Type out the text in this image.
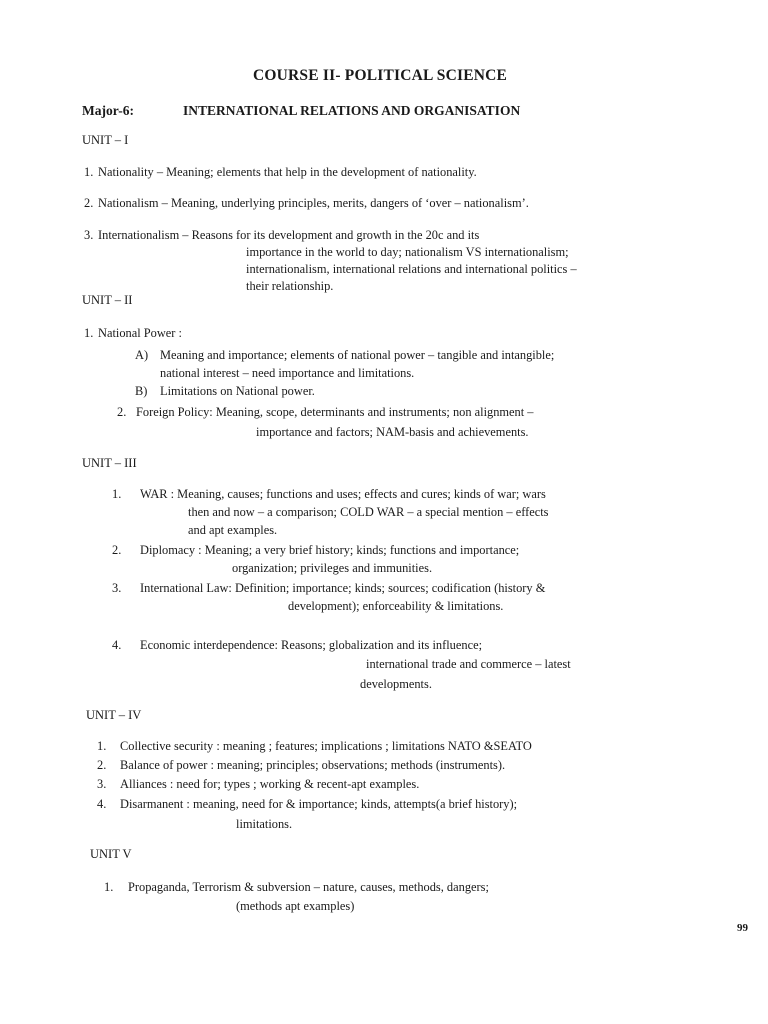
COURSE II- POLITICAL SCIENCE
Major-6:	INTERNATIONAL RELATIONS AND ORGANISATION
UNIT – I
1. Nationality – Meaning; elements that help in the development of nationality.
2. Nationalism – Meaning, underlying principles, merits, dangers of ‘over – nationalism’.
3. Internationalism – Reasons for its development and growth in the 20c and its
importance in the world to day; nationalism VS internationalism;
internationalism, international relations and international politics –
their relationship.
UNIT – II
1. National Power :
A) Meaning and importance; elements of national power – tangible and intangible;
national interest – need importance and limitations.
B) Limitations on National power.
2. Foreign Policy: Meaning, scope, determinants and instruments; non alignment –
importance and factors; NAM-basis and achievements.
UNIT – III
1. WAR : Meaning, causes; functions and uses; effects and cures; kinds of war; wars
then and now – a comparison; COLD WAR – a special mention – effects
and apt examples.
2. Diplomacy : Meaning; a very brief history; kinds; functions and importance;
organization; privileges and immunities.
3. International Law: Definition; importance; kinds; sources; codification (history &
development); enforceability & limitations.
4. Economic interdependence: Reasons; globalization and its influence;
international trade and commerce – latest
developments.
UNIT – IV
1. Collective security : meaning ; features; implications ; limitations NATO &SEATO
2. Balance of power : meaning; principles; observations; methods (instruments).
3. Alliances : need for; types ; working & recent-apt examples.
4. Disarmanent : meaning, need for & importance; kinds, attempts(a brief history);
limitations.
UNIT V
1. Propaganda, Terrorism & subversion – nature, causes, methods, dangers;
(methods apt examples)
99
